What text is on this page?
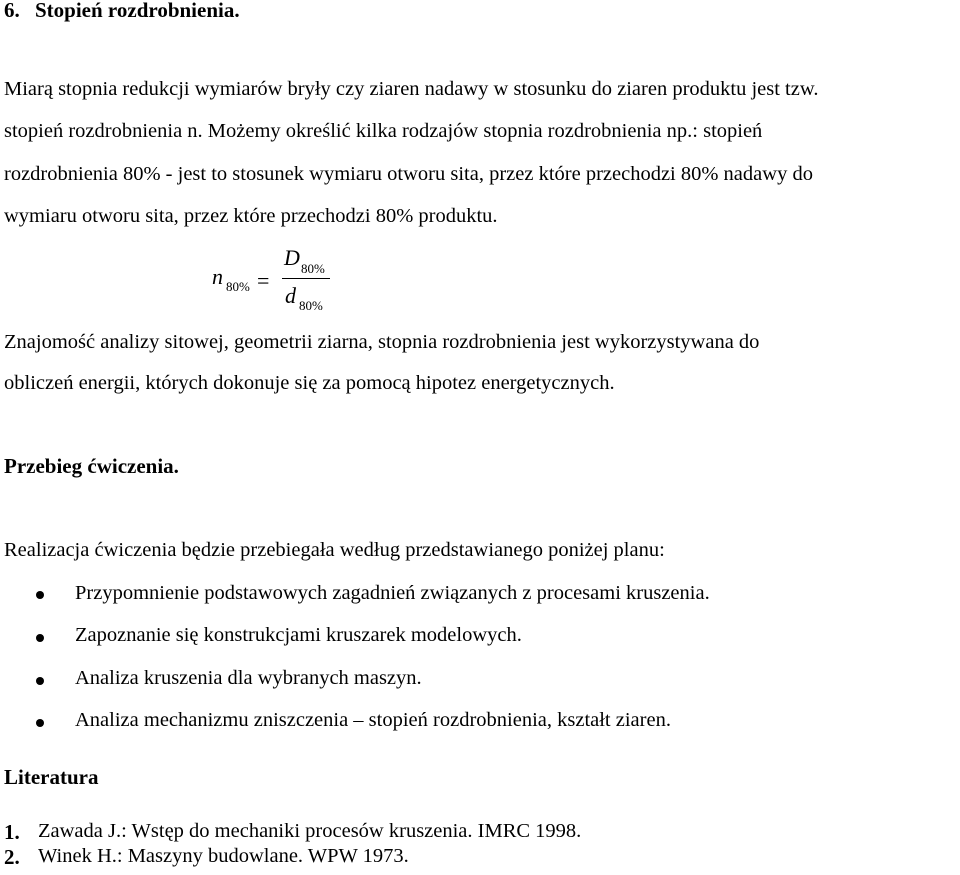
6. Stopień rozdrobnienia.
Miarą stopnia redukcji wymiarów bryły czy ziaren nadawy w stosunku do ziaren produktu jest tzw.
stopień rozdrobnienia n. Możemy określić kilka rodzajów stopnia rozdrobnienia np.: stopień
rozdrobnienia 80% - jest to stosunek wymiaru otworu sita, przez które przechodzi 80% nadawy do
wymiaru otworu sita, przez które przechodzi 80% produktu.
n 80% =
D 80%
d 80%
Znajomość analizy sitowej, geometrii ziarna, stopnia rozdrobnienia jest wykorzystywana do
obliczeń energii, których dokonuje się za pomocą hipotez energetycznych.
Przebieg ćwiczenia.
Realizacja ćwiczenia będzie przebiegała według przedstawianego poniżej planu:
Przypomnienie podstawowych zagadnień związanych z procesami kruszenia.
Zapoznanie się konstrukcjami kruszarek modelowych.
Analiza kruszenia dla wybranych maszyn.
Analiza mechanizmu zniszczenia – stopień rozdrobnienia, kształt ziaren.
Literatura
1. Zawada J.: Wstęp do mechaniki procesów kruszenia. IMRC 1998.
2. Winek H.: Maszyny budowlane. WPW 1973.
